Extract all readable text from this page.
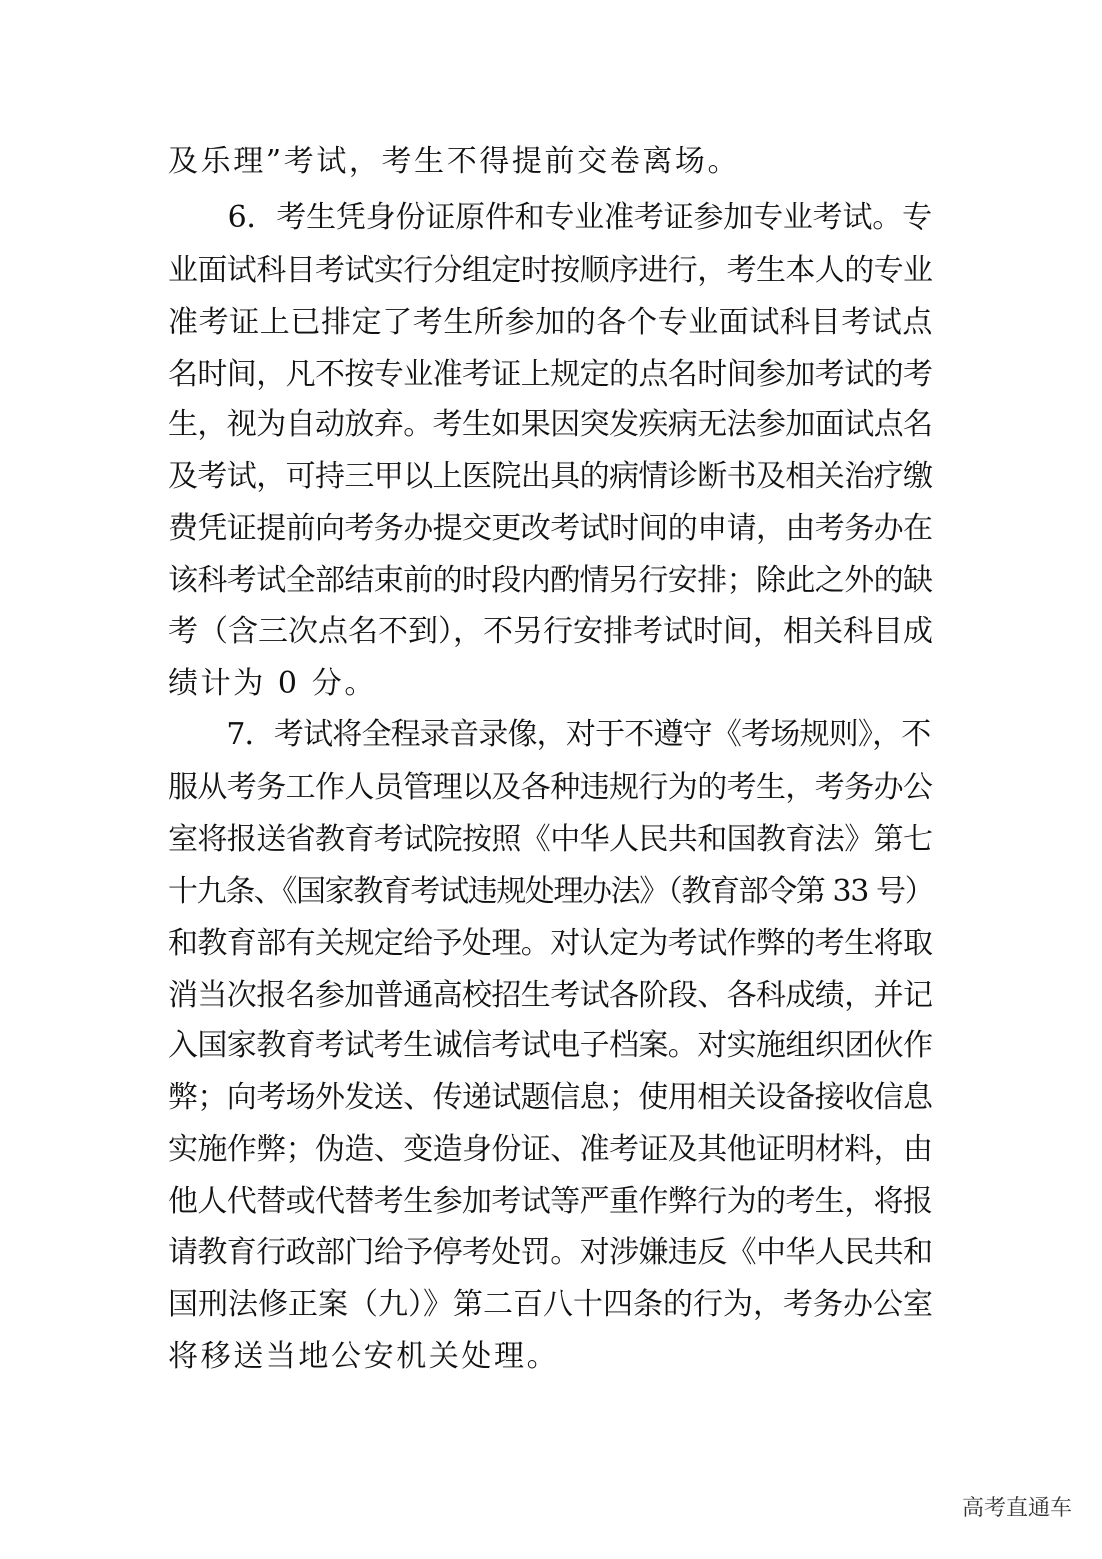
及乐理”考试，考生不得提前交卷离场。
　　6．考生凭身份证原件和专业准考证参加专业考试。专
业面试科目考试实行分组定时按顺序进行，考生本人的专业
准考证上已排定了考生所参加的各个专业面试科目考试点
名时间，凡不按专业准考证上规定的点名时间参加考试的考
生，视为自动放弃。考生如果因突发疾病无法参加面试点名
及考试，可持三甲以上医院出具的病情诊断书及相关治疗缴
费凭证提前向考务办提交更改考试时间的申请，由考务办在
该科考试全部结束前的时段内酌情另行安排；除此之外的缺
考（含三次点名不到），不另行安排考试时间，相关科目成
绩计为 0 分。
　　7．考试将全程录音录像，对于不遵守《考场规则》，不
服从考务工作人员管理以及各种违规行为的考生，考务办公
室将报送省教育考试院按照《中华人民共和国教育法》第七
十九条、《国家教育考试违规处理办法》（教育部令第 33 号）
和教育部有关规定给予处理。对认定为考试作弊的考生将取
消当次报名参加普通高校招生考试各阶段、各科成绩，并记
入国家教育考试考生诚信考试电子档案。对实施组织团伙作
弊；向考场外发送、传递试题信息；使用相关设备接收信息
实施作弊；伪造、变造身份证、准考证及其他证明材料，由
他人代替或代替考生参加考试等严重作弊行为的考生，将报
请教育行政部门给予停考处罚。对涉嫌违反《中华人民共和
国刑法修正案（九）》第二百八十四条的行为，考务办公室
将移送当地公安机关处理。
高考直通车
